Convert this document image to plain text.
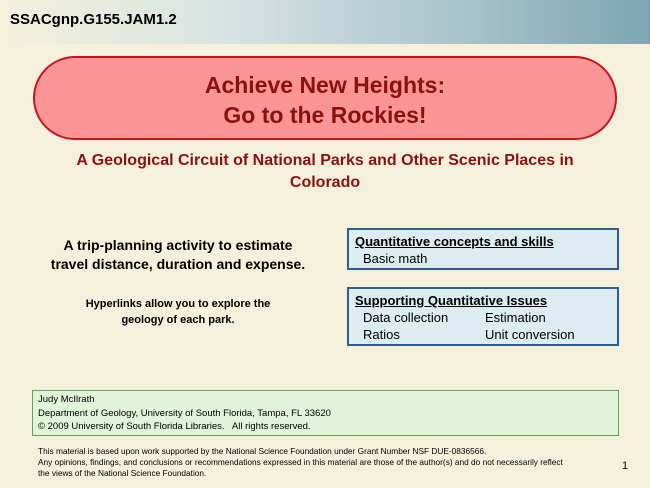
SSACgnp.G155.JAM1.2
Achieve New Heights:
Go to the Rockies!
A Geological Circuit of National Parks and Other Scenic Places in
Colorado
A trip-planning activity to estimate
travel distance, duration and expense.
Hyperlinks allow you to explore the
geology of each park.
Quantitative concepts and skills
Basic math
Supporting Quantitative Issues
Data collection	Estimation
Ratios	Unit conversion
Judy McIlrath
Department of Geology, University of South Florida, Tampa, FL 33620
© 2009 University of South Florida Libraries.   All rights reserved.
This material is based upon work supported by the National Science Foundation under Grant Number NSF DUE-0836566.
Any opinions, findings, and conclusions or recommendations expressed in this material are those of the author(s) and do not necessarily reflect
the views of the National Science Foundation.
1
